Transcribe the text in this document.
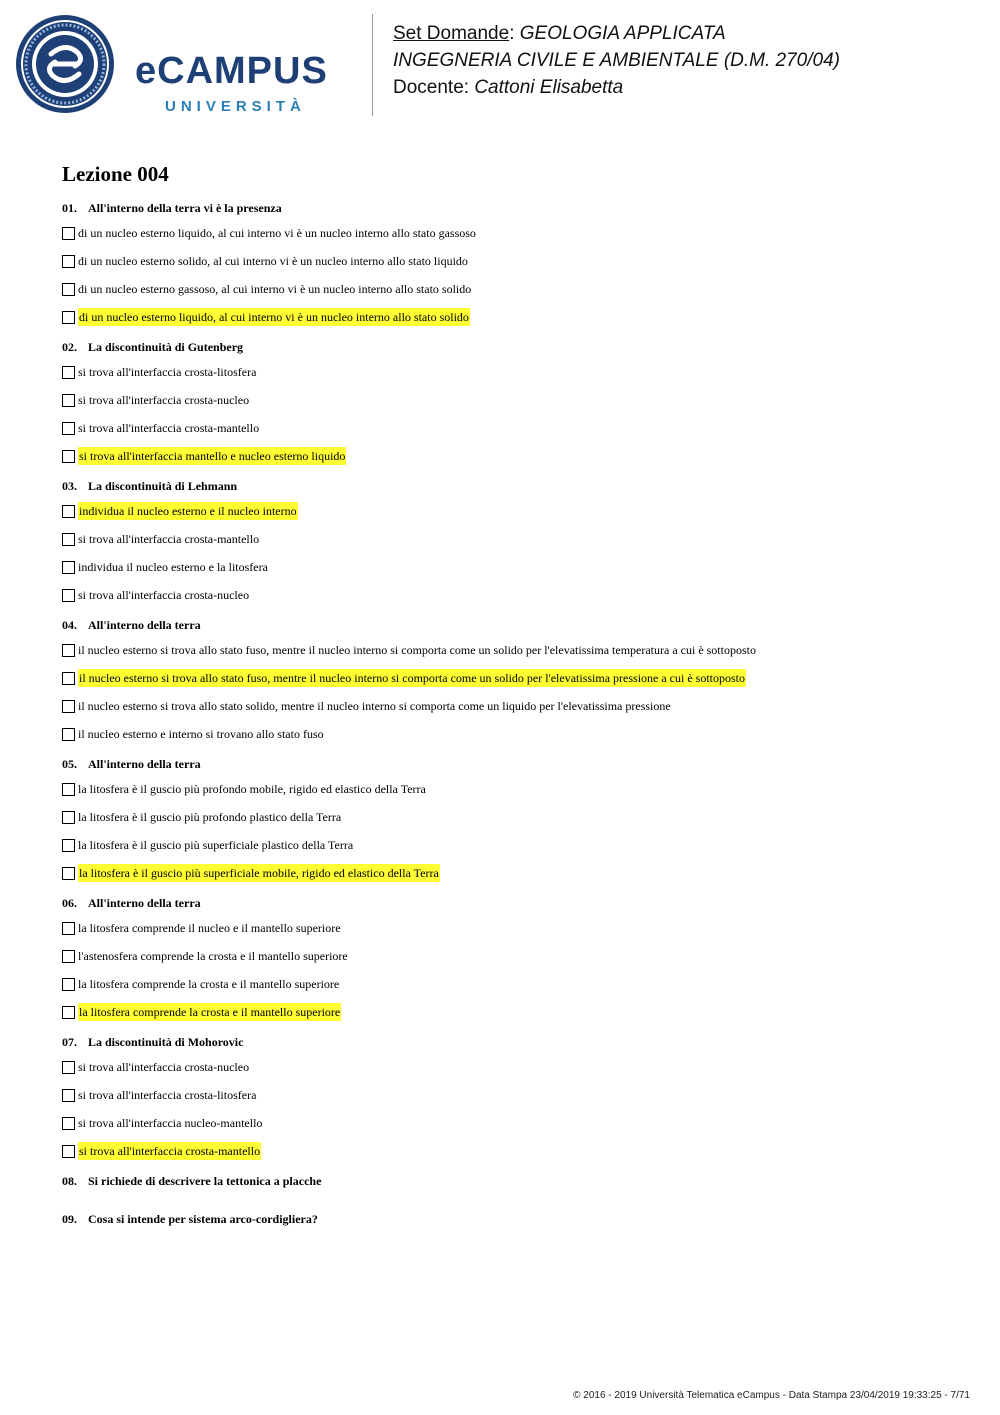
eCAMPUS
UNIVERSITÀ
Set Domande: GEOLOGIA APPLICATA
INGEGNERIA CIVILE E AMBIENTALE (D.M. 270/04)
Docente: Cattoni Elisabetta
Lezione 004
01. All'interno della terra vi è la presenza
di un nucleo esterno liquido, al cui interno vi è un nucleo interno allo stato gassoso
di un nucleo esterno solido, al cui interno vi è un nucleo interno allo stato liquido
di un nucleo esterno gassoso, al cui interno vi è un nucleo interno allo stato solido
di un nucleo esterno liquido, al cui interno vi è un nucleo interno allo stato solido
02. La discontinuità di Gutenberg
si trova all'interfaccia crosta-litosfera
si trova all'interfaccia crosta-nucleo
si trova all'interfaccia crosta-mantello
si trova all'interfaccia mantello e nucleo esterno liquido
03. La discontinuità di Lehmann
individua il nucleo esterno e il nucleo interno
si trova all'interfaccia crosta-mantello
individua il nucleo esterno e la litosfera
si trova all'interfaccia crosta-nucleo
04. All'interno della terra
il nucleo esterno si trova allo stato fuso, mentre il nucleo interno si comporta come un solido per l'elevatissima temperatura a cui è sottoposto
il nucleo esterno si trova allo stato fuso, mentre il nucleo interno si comporta come un solido per l'elevatissima pressione a cui è sottoposto
il nucleo esterno si trova allo stato solido, mentre il nucleo interno si comporta come un liquido per l'elevatissima pressione
il nucleo esterno e interno si trovano allo stato fuso
05. All'interno della terra
la litosfera è il guscio più profondo mobile, rigido ed elastico della Terra
la litosfera è il guscio più profondo plastico della Terra
la litosfera è il guscio più superficiale plastico della Terra
la litosfera è il guscio più superficiale mobile, rigido ed elastico della Terra
06. All'interno della terra
la litosfera comprende il nucleo e il mantello superiore
l'astenosfera comprende la crosta e il mantello superiore
la litosfera comprende la crosta e il mantello superiore
la litosfera comprende la crosta e il mantello superiore
07. La discontinuità di Mohorovic
si trova all'interfaccia crosta-nucleo
si trova all'interfaccia crosta-litosfera
si trova all'interfaccia nucleo-mantello
si trova all'interfaccia crosta-mantello
08. Si richiede di descrivere la tettonica a placche
09. Cosa si intende per sistema arco-cordigliera?
© 2016 - 2019 Università Telematica eCampus - Data Stampa 23/04/2019 19:33:25 - 7/71
